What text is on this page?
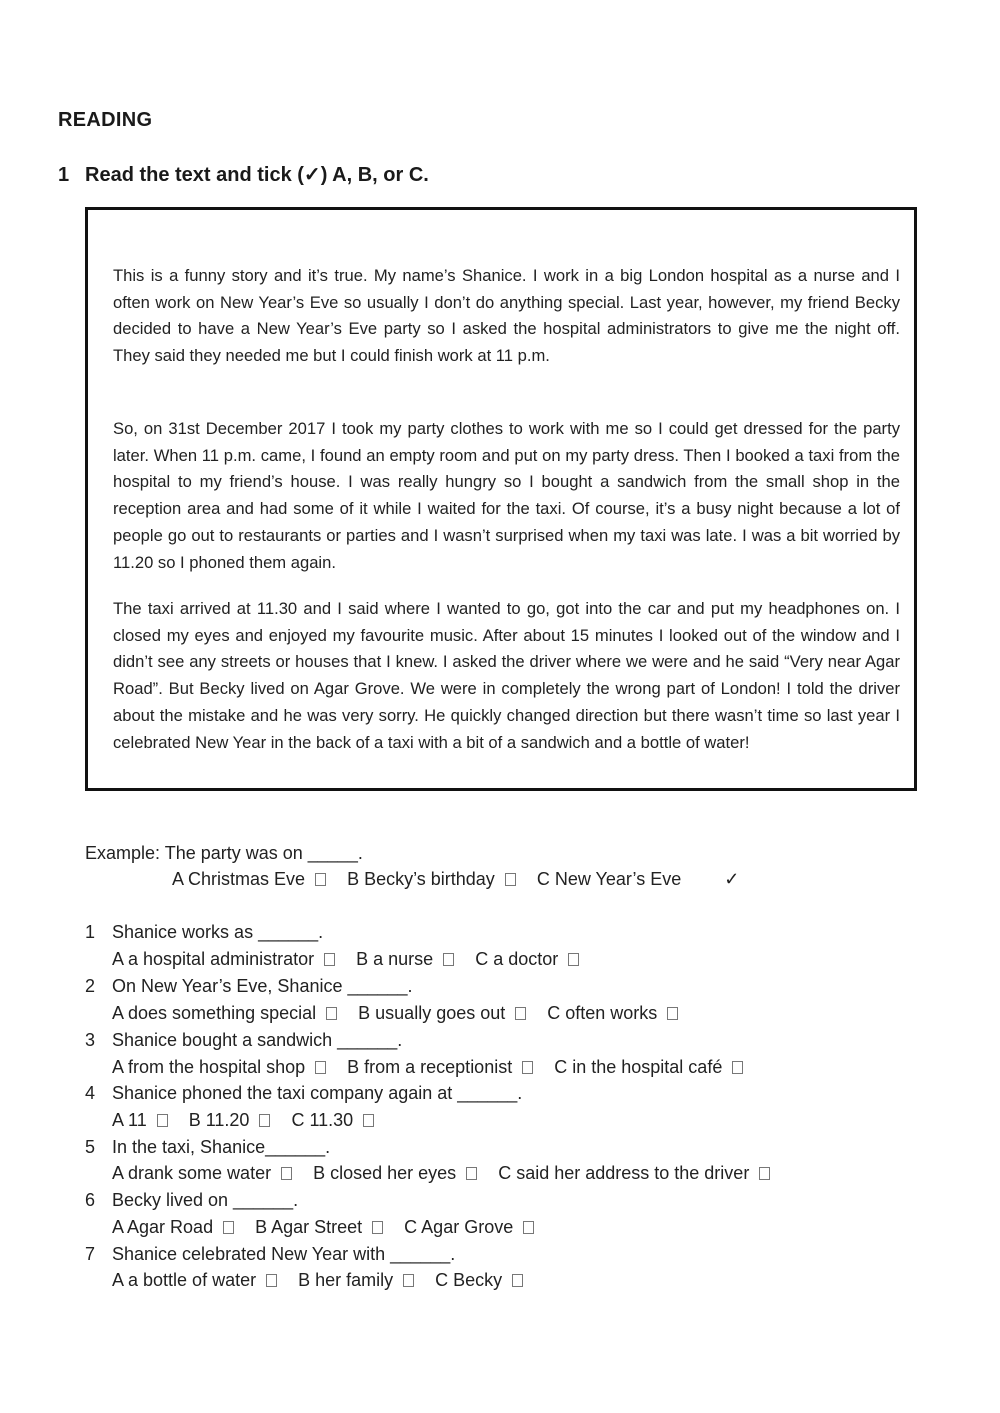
READING
1 Read the text and tick (✓) A, B, or C.

This is a funny story and it’s true. My name’s Shanice. I work in a big London hospital as a nurse and I often work on New Year’s Eve so usually I don’t do anything special. Last year, however, my friend Becky decided to have a New Year’s Eve party so I asked the hospital administrators to give me the night off. They said they needed me but I could finish work at 11 p.m.

So, on 31st December 2017 I took my party clothes to work with me so I could get dressed for the party later. When 11 p.m. came, I found an empty room and put on my party dress. Then I booked a taxi from the hospital to my friend’s house. I was really hungry so I bought a sandwich from the small shop in the reception area and had some of it while I waited for the taxi. Of course, it’s a busy night because a lot of people go out to restaurants or parties and I wasn’t surprised when my taxi was late. I was a bit worried by 11.20 so I phoned them again.

The taxi arrived at 11.30 and I said where I wanted to go, got into the car and put my headphones on. I closed my eyes and enjoyed my favourite music. After about 15 minutes I looked out of the window and I didn’t see any streets or houses that I knew. I asked the driver where we were and he said “Very near Agar Road”. But Becky lived on Agar Grove. We were in completely the wrong part of London! I told the driver about the mistake and he was very sorry. He quickly changed direction but there wasn’t time so last year I celebrated New Year in the back of a taxi with a bit of a sandwich and a bottle of water!

Example: The party was on _____.
A Christmas Eve B Becky’s birthday C New Year’s Eve ✓
1 Shanice works as ______.
A a hospital administrator B a nurse C a doctor
2 On New Year’s Eve, Shanice ______.
A does something special B usually goes out C often works
3 Shanice bought a sandwich ______.
A from the hospital shop B from a receptionist C in the hospital café
4 Shanice phoned the taxi company again at ______.
A 11 B 11.20 C 11.30
5 In the taxi, Shanice______.
A drank some water B closed her eyes C said her address to the driver
6 Becky lived on ______.
A Agar Road B Agar Street C Agar Grove
7 Shanice celebrated New Year with ______.
A a bottle of water B her family C Becky
